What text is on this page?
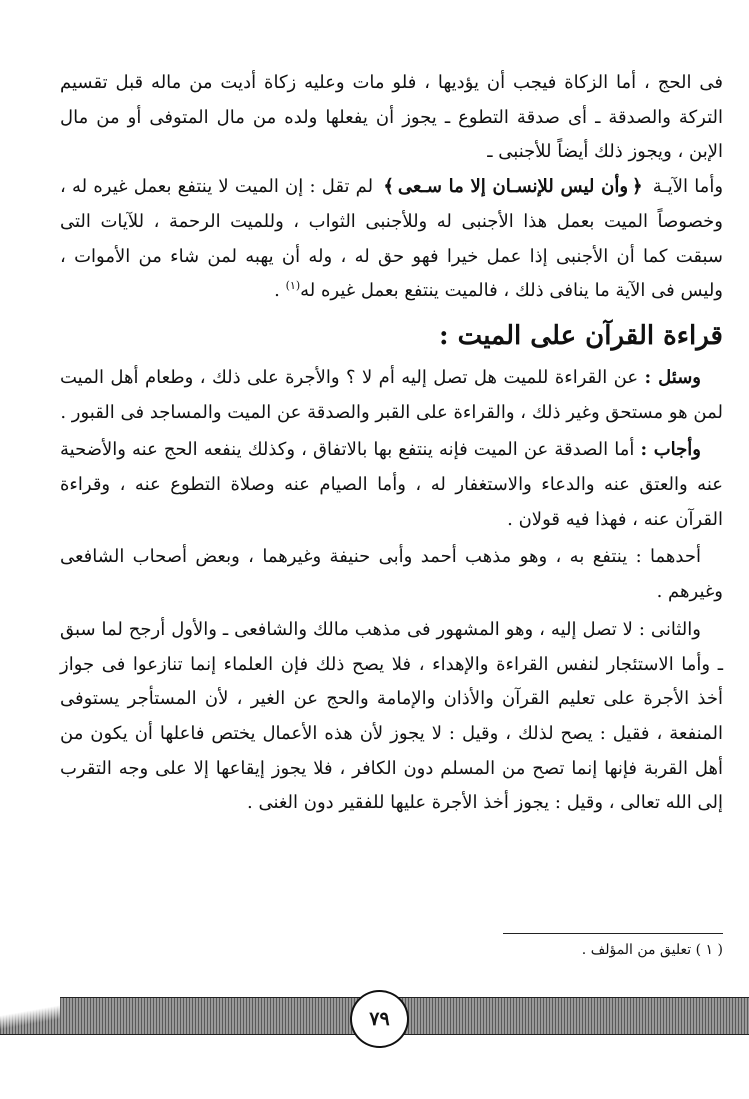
فى الحج ، أما الزكاة فيجب أن يؤديها ، فلو مات وعليه زكاة أديت من ماله قبل تقسيم التركة والصدقة ـ أى صدقة التطوع ـ يجوز أن يفعلها ولده من مال المتوفى أو من مال الإبن ، ويجوز ذلك أيضاً للأجنبى ـ

وأما الآيـة ﴿وأن ليس للإنسـان إلا ما سـعى﴾ لم تقل : إن الميت لا ينتفع بعمل غيره له ، وخصوصاً الميت بعمل هذا الأجنبى له وللأجنبى الثواب ، وللميت الرحمة ، للآيات التى سبقت كما أن الأجنبى إذا عمل خيرا فهو حق له ، وله أن يهبه لمن شاء من الأموات ، وليس فى الآية ما ينافى ذلك ، فالميت ينتفع بعمل غيره له$^{(١)}$ .

قراءة القرآن على الميت :

وسئل : عن القراءة للميت هل تصل إليه أم لا ؟ والأجرة على ذلك ، وطعام أهل الميت لمن هو مستحق وغير ذلك ، والقراءة على القبر والصدقة عن الميت والمساجد فى القبور .

وأجاب : أما الصدقة عن الميت فإنه ينتفع بها بالاتفاق ، وكذلك ينفعه الحج عنه والأضحية عنه والعتق عنه والدعاء والاستغفار له ، وأما الصيام عنه وصلاة التطوع عنه ، وقراءة القرآن عنه ، فهذا فيه قولان .

أحدهما : ينتفع به ، وهو مذهب أحمد وأبى حنيفة وغيرهما ، وبعض أصحاب الشافعى وغيرهم .

والثانى : لا تصل إليه ، وهو المشهور فى مذهب مالك والشافعى ـ والأول أرجح لما سبق ـ وأما الاستئجار لنفس القراءة والإهداء ، فلا يصح ذلك فإن العلماء إنما تنازعوا فى جواز أخذ الأجرة على تعليم القرآن والأذان والإمامة والحج عن الغير ، لأن المستأجر يستوفى المنفعة ، فقيل : يصح لذلك ، وقيل : لا يجوز لأن هذه الأعمال يختص فاعلها أن يكون من أهل القربة فإنها إنما تصح من المسلم دون الكافر ، فلا يجوز إيقاعها إلا على وجه التقرب إلى الله تعالى ، وقيل : يجوز أخذ الأجرة عليها للفقير دون الغنى .

( ١ ) تعليق من المؤلف .
٧٩
